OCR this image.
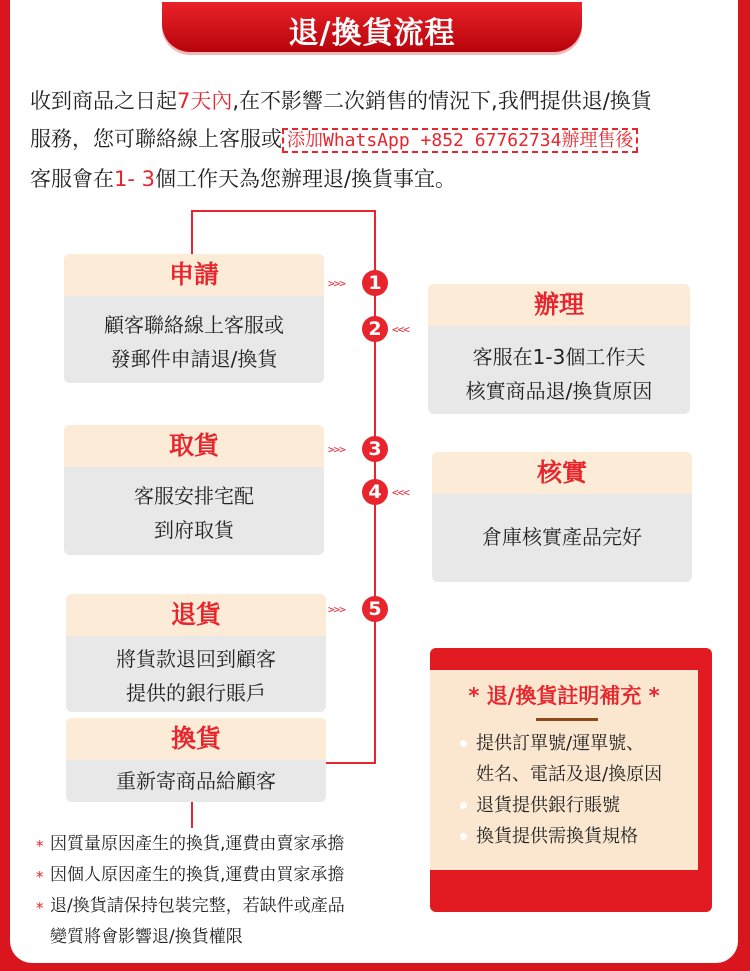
退/換貨流程
收到商品之日起7天內,在不影響二次銷售的情況下,我們提供退/換貨
服務，您可聯絡線上客服或 添加WhatsApp +852 67762734辦理售後
客服會在1- 3個工作天為您辦理退/換貨事宜。
申請
顧客聯絡線上客服或
發郵件申請退/換貨
>>>	1
2 <<<
辦理
客服在1-3個工作天
核實商品退/換貨原因
取貨
客服安排宅配
到府取貨
>>>	3
4 <<<
核實
倉庫核實產品完好
退貨
將貨款退回到顧客
提供的銀行賬戶
>>>	5
換貨
重新寄商品給顧客
* 退/換貨註明補充 *
提供訂單號/運單號、
姓名、電話及退/換原因
退貨提供銀行賬號
換貨提供需換貨規格
* 因質量原因產生的換貨,運費由賣家承擔
* 因個人原因產生的換貨,運費由買家承擔
* 退/換貨請保持包裝完整，若缺件或產品
變質將會影響退/換貨權限
